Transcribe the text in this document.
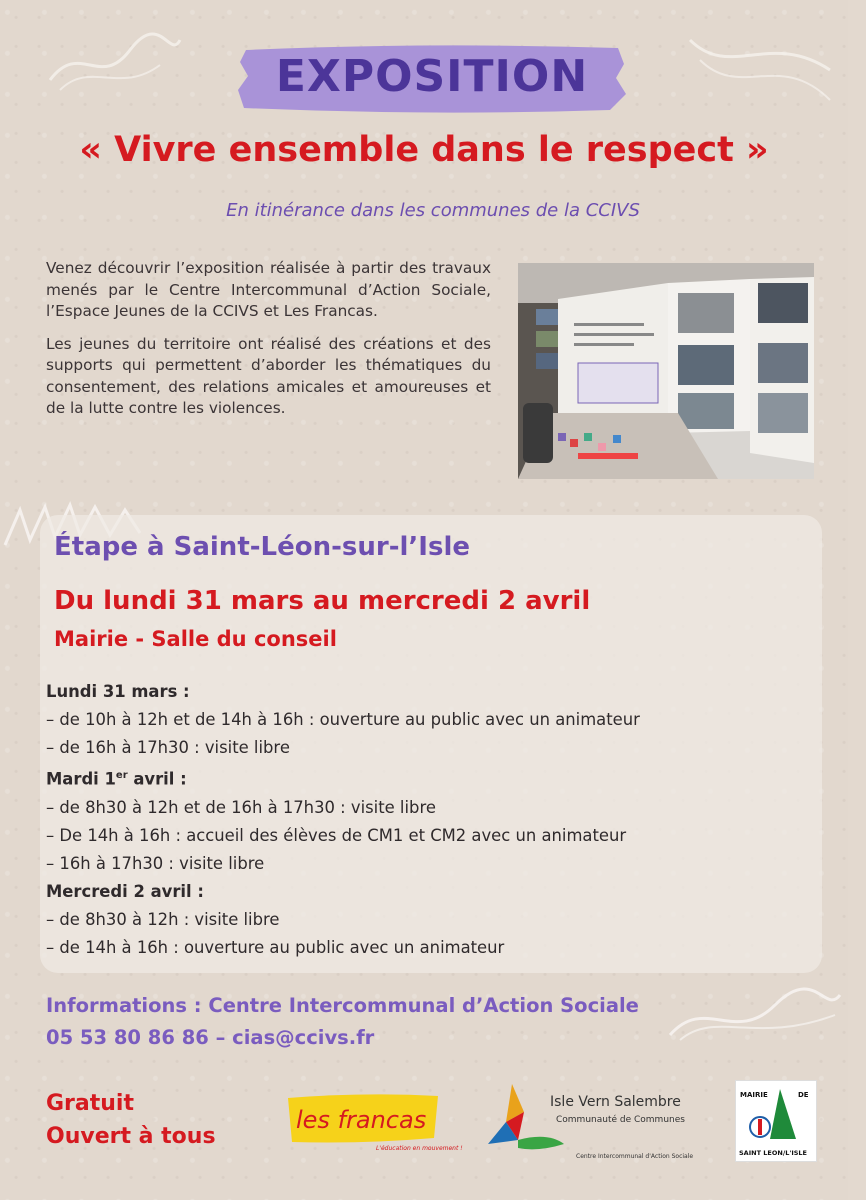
EXPOSITION
« Vivre ensemble dans le respect »
En itinérance dans les communes de la CCIVS

Venez découvrir l’exposition réalisée à partir des travaux menés par le Centre Intercommunal d’Action Sociale, l’Espace Jeunes de la CCIVS et Les Francas.

Les jeunes du territoire ont réalisé des créations et des supports qui permettent d’aborder les thématiques du consentement, des relations amicales et amoureuses et de la lutte contre les violences.

Étape à Saint-Léon-sur-l’Isle
Du lundi 31 mars au mercredi 2 avril
Mairie - Salle du conseil
Lundi 31 mars :
– de 10h à 12h et de 14h à 16h : ouverture au public avec un animateur
– de 16h à 17h30 : visite libre
Mardi 1er avril :
– de 8h30 à 12h et de 16h à 17h30 : visite libre
– De 14h à 16h : accueil des élèves de CM1 et CM2 avec un animateur
– 16h à 17h30 : visite libre
Mercredi 2 avril :
– de 8h30 à 12h : visite libre
– de 14h à 16h : ouverture au public avec un animateur
Informations : Centre Intercommunal d’Action Sociale
05 53 80 86 86 – cias@ccivs.fr
Gratuit
Ouvert à tous
les francas
L'éducation en mouvement !
Isle Vern Salembre
Communauté de Communes
Centre Intercommunal d'Action Sociale
MAIRIE	DE
SAINT LEON/L'ISLE
